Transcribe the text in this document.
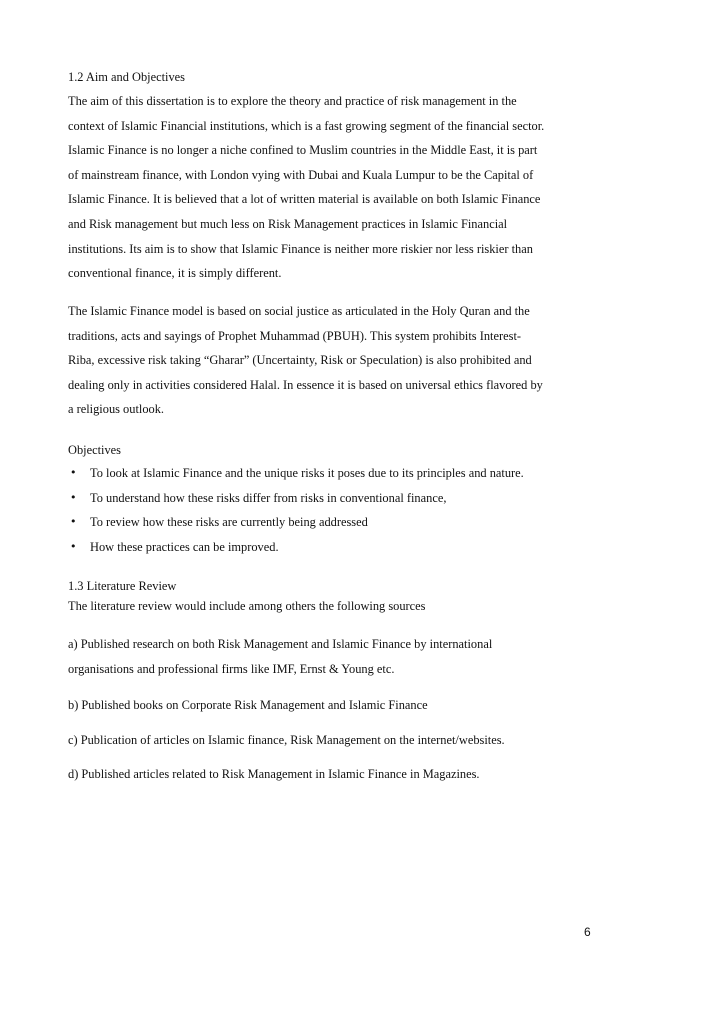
1.2 Aim and Objectives
The aim of this dissertation is to explore the theory and practice of risk management in the
context of Islamic Financial institutions, which is a fast growing segment of the financial sector.
Islamic Finance is no longer a niche confined to Muslim countries in the Middle East, it is part
of mainstream finance, with London vying with Dubai and Kuala Lumpur to be the Capital of
Islamic Finance. It is believed that a lot of written material is available on both Islamic Finance
and Risk management but much less on Risk Management practices in Islamic Financial
institutions. Its aim is to show that Islamic Finance is neither more riskier nor less riskier than
conventional finance, it is simply different.
The Islamic Finance model is based on social justice as articulated in the Holy Quran and the
traditions, acts and sayings of Prophet Muhammad (PBUH). This system prohibits Interest-
Riba, excessive risk taking “Gharar” (Uncertainty, Risk or Speculation) is also prohibited and
dealing only in activities considered Halal. In essence it is based on universal ethics flavored by
a religious outlook.
Objectives
• To look at Islamic Finance and the unique risks it poses due to its principles and nature.
• To understand how these risks differ from risks in conventional finance,
• To review how these risks are currently being addressed
• How these practices can be improved.
1.3 Literature Review
The literature review would include among others the following sources
a) Published research on both Risk Management and Islamic Finance by international
organisations and professional firms like IMF, Ernst & Young etc.
b) Published books on Corporate Risk Management and Islamic Finance
c) Publication of articles on Islamic finance, Risk Management on the internet/websites.
d) Published articles related to Risk Management in Islamic Finance in Magazines.
6
